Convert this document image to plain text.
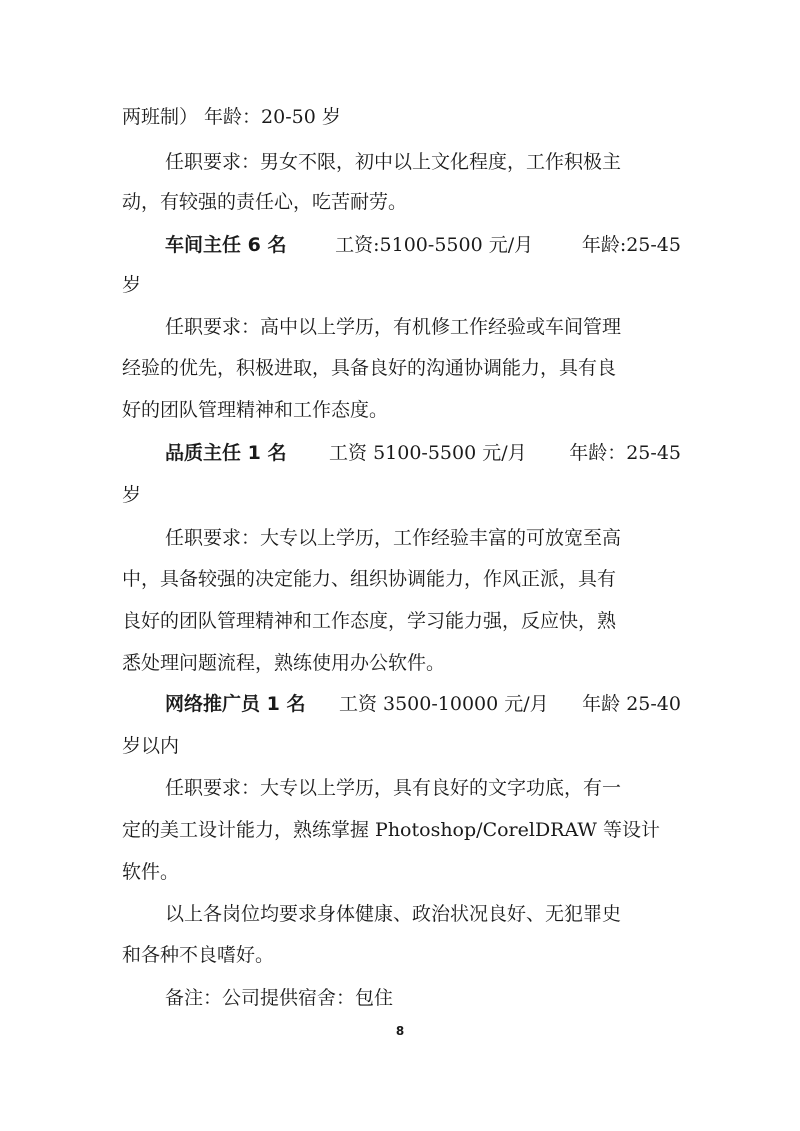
两班制） 年龄：20-50 岁
任职要求：男女不限，初中以上文化程度，工作积极主
动，有较强的责任心，吃苦耐劳。
车间主任 6 名	工资:5100-5500 元/月	年龄:25-45
岁
任职要求：高中以上学历，有机修工作经验或车间管理
经验的优先，积极进取，具备良好的沟通协调能力，具有良
好的团队管理精神和工作态度。
品质主任 1 名 工资 5100-5500 元/月 年龄：25-45
岁
任职要求：大专以上学历，工作经验丰富的可放宽至高
中，具备较强的决定能力、组织协调能力，作风正派，具有
良好的团队管理精神和工作态度，学习能力强，反应快，熟
悉处理问题流程，熟练使用办公软件。
网络推广员 1 名 工资 3500-10000 元/月 年龄 25-40
岁以内
任职要求：大专以上学历，具有良好的文字功底，有一
定的美工设计能力，熟练掌握 Photoshop/CorelDRAW 等设计
软件。
以上各岗位均要求身体健康、政治状况良好、无犯罪史
和各种不良嗜好。
备注：公司提供宿舍：包住
8
